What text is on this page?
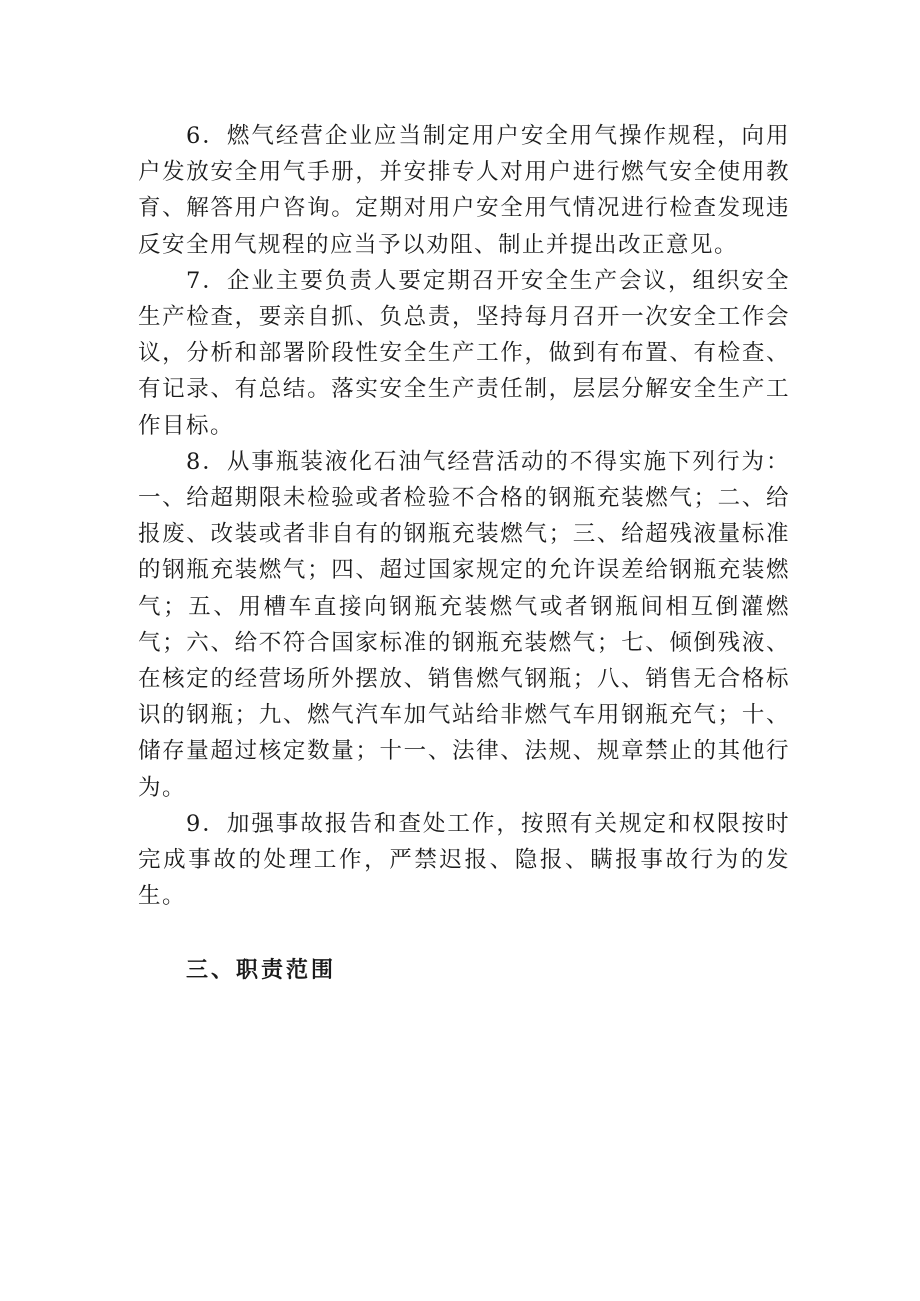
6．燃气经营企业应当制定用户安全用气操作规程，向用户发放安全用气手册，并安排专人对用户进行燃气安全使用教育、解答用户咨询。定期对用户安全用气情况进行检查发现违反安全用气规程的应当予以劝阻、制止并提出改正意见。

7．企业主要负责人要定期召开安全生产会议，组织安全生产检查，要亲自抓、负总责，坚持每月召开一次安全工作会议，分析和部署阶段性安全生产工作，做到有布置、有检查、有记录、有总结。落实安全生产责任制，层层分解安全生产工作目标。

8．从事瓶装液化石油气经营活动的不得实施下列行为：一、给超期限未检验或者检验不合格的钢瓶充装燃气；二、给报废、改装或者非自有的钢瓶充装燃气；三、给超残液量标准的钢瓶充装燃气；四、超过国家规定的允许误差给钢瓶充装燃气；五、用槽车直接向钢瓶充装燃气或者钢瓶间相互倒灌燃气；六、给不符合国家标准的钢瓶充装燃气；七、倾倒残液、在核定的经营场所外摆放、销售燃气钢瓶；八、销售无合格标识的钢瓶；九、燃气汽车加气站给非燃气车用钢瓶充气；十、储存量超过核定数量；十一、法律、法规、规章禁止的其他行为。

9．加强事故报告和查处工作，按照有关规定和权限按时完成事故的处理工作，严禁迟报、隐报、瞒报事故行为的发生。

三、职责范围
